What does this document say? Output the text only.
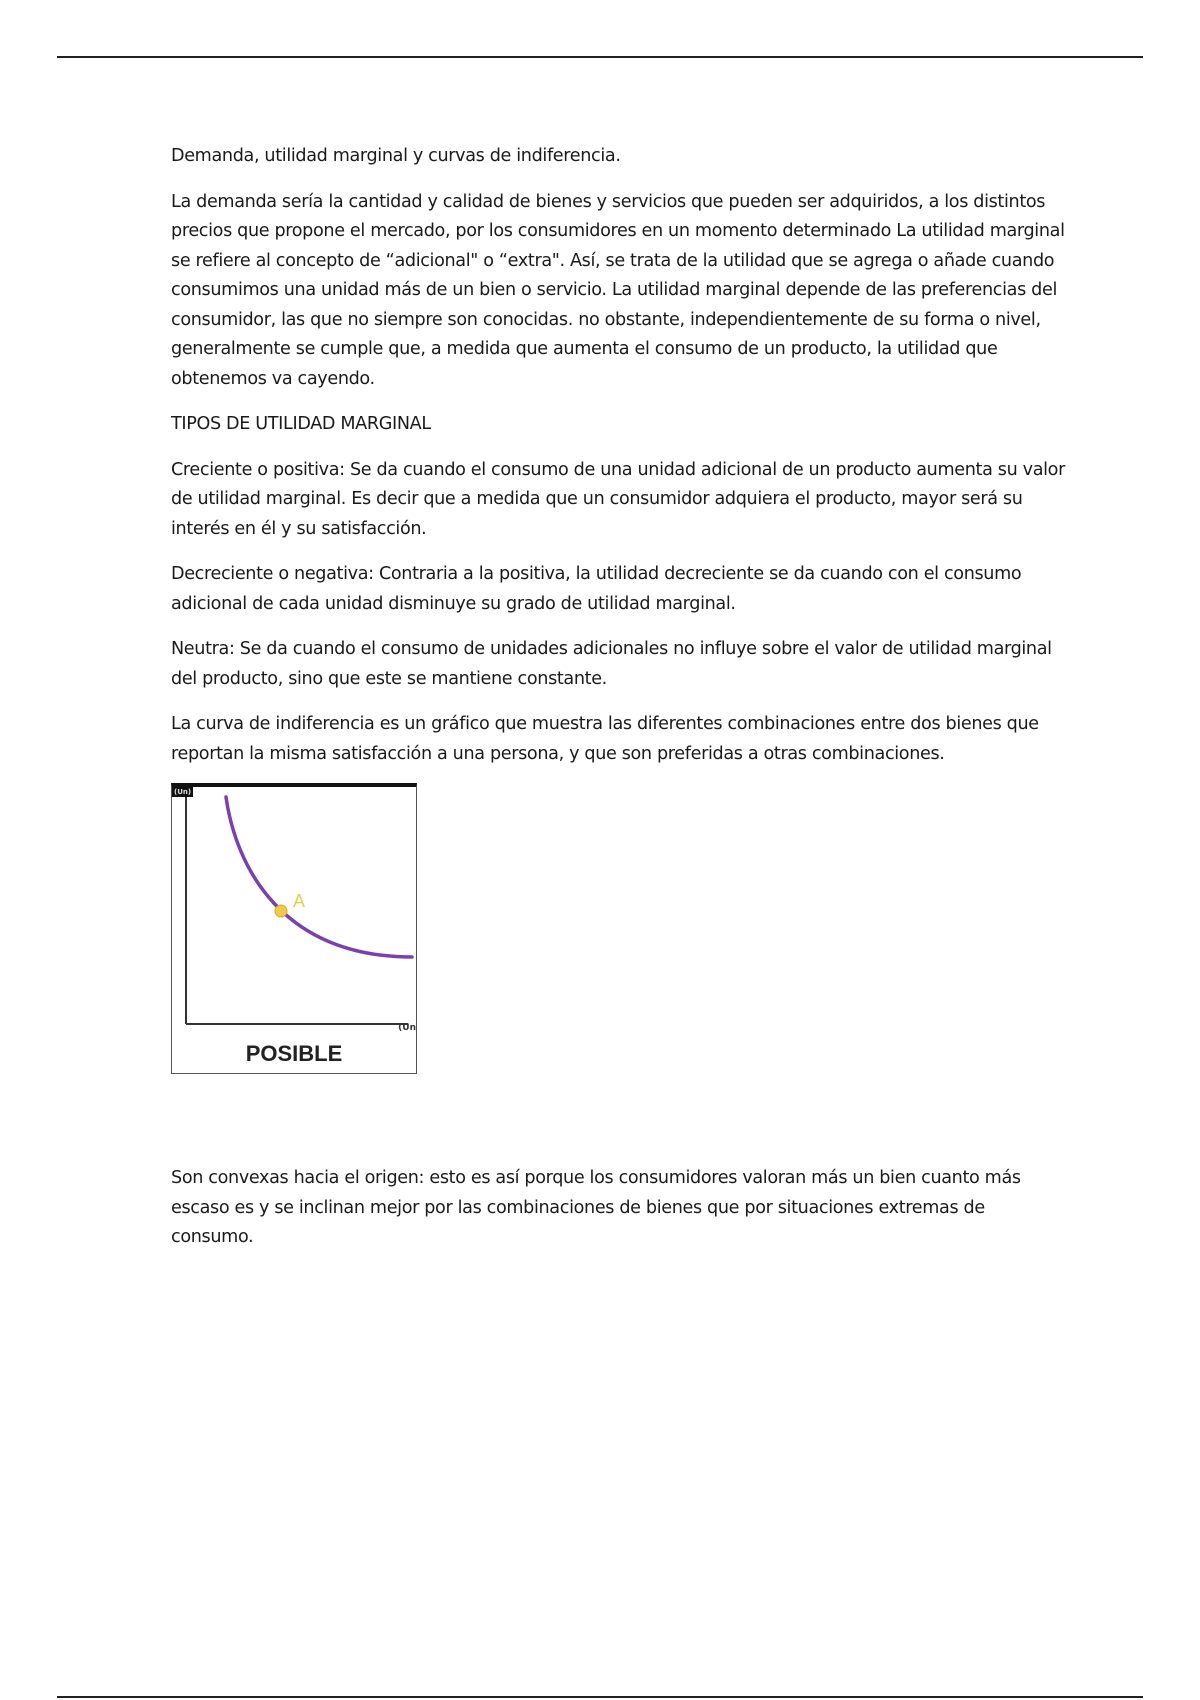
Demanda, utilidad marginal y curvas de indiferencia.

La demanda sería la cantidad y calidad de bienes y servicios que pueden ser adquiridos, a los distintos precios que propone el mercado, por los consumidores en un momento determinado La utilidad marginal se refiere al concepto de “adicional" o “extra". Así, se trata de la utilidad que se agrega o añade cuando consumimos una unidad más de un bien o servicio. La utilidad marginal depende de las preferencias del consumidor, las que no siempre son conocidas. no obstante, independientemente de su forma o nivel, generalmente se cumple que, a medida que aumenta el consumo de un producto, la utilidad que obtenemos va cayendo.

TIPOS DE UTILIDAD MARGINAL

Creciente o positiva: Se da cuando el consumo de una unidad adicional de un producto aumenta su valor de utilidad marginal. Es decir que a medida que un consumidor adquiera el producto, mayor será su interés en él y su satisfacción.

Decreciente o negativa: Contraria a la positiva, la utilidad decreciente se da cuando con el consumo adicional de cada unidad disminuye su grado de utilidad marginal.

Neutra: Se da cuando el consumo de unidades adicionales no influye sobre el valor de utilidad marginal del producto, sino que este se mantiene constante.

La curva de indiferencia es un gráfico que muestra las diferentes combinaciones entre dos bienes que reportan la misma satisfacción a una persona, y que son preferidas a otras combinaciones.

(Un)
A
(Un
POSIBLE

Son convexas hacia el origen: esto es así porque los consumidores valoran más un bien cuanto más escaso es y se inclinan mejor por las combinaciones de bienes que por situaciones extremas de consumo.
